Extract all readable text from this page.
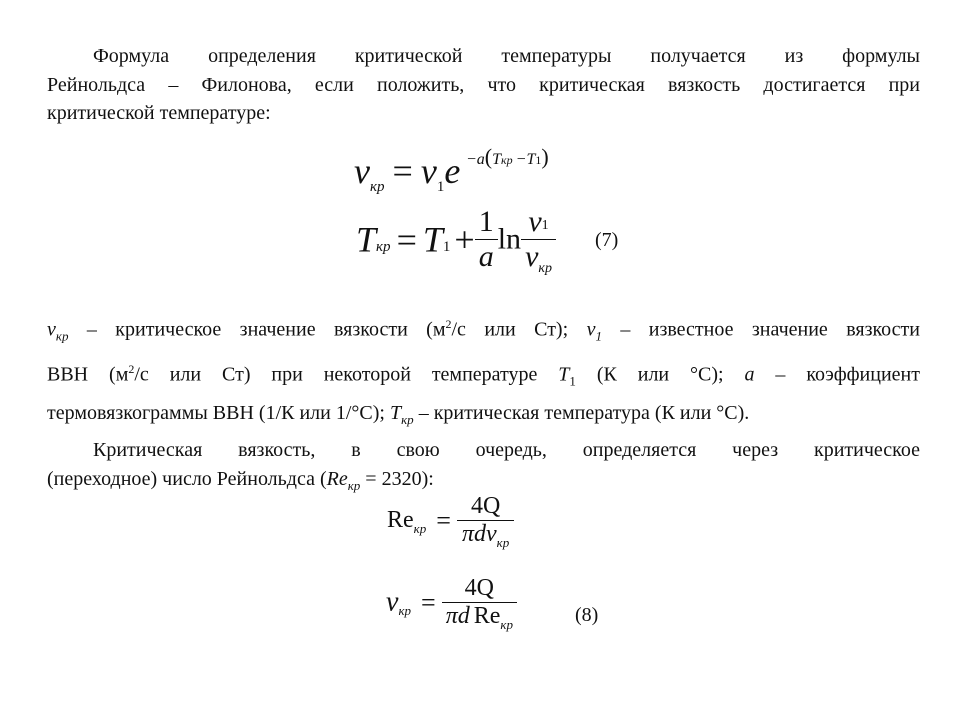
Формула определения критической температуры получается из формулы
Рейнольдса – Филонова, если положить, что критическая вязкость достигается при
критической температуре:
νкр = ν1e −a(Tкр −T1)
Tкр = $T1 + \frac{1}{a}$ $\ln \frac{\nu 1}{\nu_{кр}} (7)$
$\nu_{кр}$ – критическое значение вязкости ($м^2/с$ или Ст); $\nu_1$ – известное значение вязкости
ВВН ($м^2/с$ или Ст) при некоторой температуре $T_1$ (К или °С); a – коэффициент
термовязкограммы ВВН (1/К или 1/°С); $T_{кр}$ – критическая температура (К или °С).
Критическая вязкость, в свою очередь, определяется через критическое
(переходное) число Рейнольдса $(Re_{кр} = 2320)$:
$Re_{кр} = \frac{4Q}{\pi d\nu_{кр}}$
$\nu_{кр} = \frac{4Q}{\pi d Re_{кр}}$	(8)
